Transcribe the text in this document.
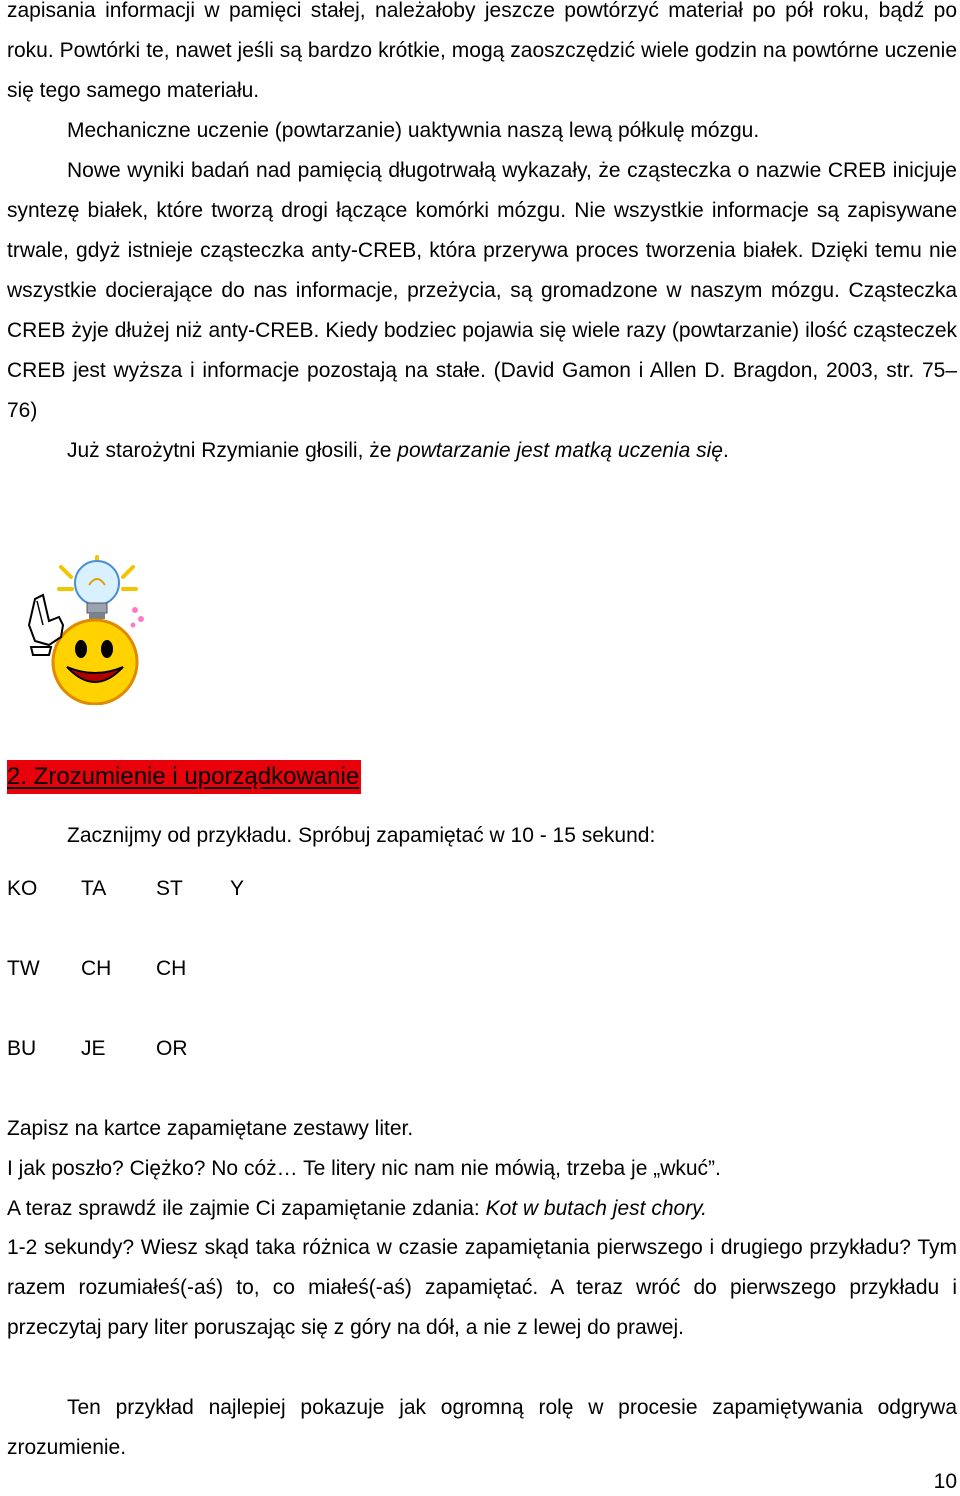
zapisania informacji w pamięci stałej, należałoby jeszcze powtórzyć materiał po pół roku, bądź po roku. Powtórki te, nawet jeśli są bardzo krótkie, mogą zaoszczędzić wiele godzin na powtórne uczenie się tego samego materiału.

Mechaniczne uczenie (powtarzanie) uaktywnia naszą lewą półkulę mózgu.

Nowe wyniki badań nad pamięcią długotrwałą wykazały, że cząsteczka o nazwie CREB inicjuje syntezę białek, które tworzą drogi łączące komórki mózgu. Nie wszystkie informacje są zapisywane trwale, gdyż istnieje cząsteczka anty-CREB, która przerywa proces tworzenia białek. Dzięki temu nie wszystkie docierające do nas informacje, przeżycia, są gromadzone w naszym mózgu. Cząsteczka CREB żyje dłużej niż anty-CREB. Kiedy bodziec pojawia się wiele razy (powtarzanie) ilość cząsteczek CREB jest wyższa i informacje pozostają na stałe. (David Gamon i Allen D. Bragdon, 2003, str. 75–76)

Już starożytni Rzymianie głosili, że powtarzanie jest matką uczenia się.

2. Zrozumienie i uporządkowanie
Zacznijmy od przykładu. Spróbuj zapamiętać w 10 - 15 sekund:
KO TA ST Y
TW CH CH
BU JE OR
Zapisz na kartce zapamiętane zestawy liter.
I jak poszło? Ciężko? No cóż… Te litery nic nam nie mówią, trzeba je „wkuć”.
A teraz sprawdź ile zajmie Ci zapamiętanie zdania: Kot w butach jest chory.

1-2 sekundy? Wiesz skąd taka różnica w czasie zapamiętania pierwszego i drugiego przykładu? Tym razem rozumiałeś(-aś) to, co miałeś(-aś) zapamiętać. A teraz wróć do pierwszego przykładu i przeczytaj pary liter poruszając się z góry na dół, a nie z lewej do prawej.

Ten przykład najlepiej pokazuje jak ogromną rolę w procesie zapamiętywania odgrywa zrozumienie.

10
